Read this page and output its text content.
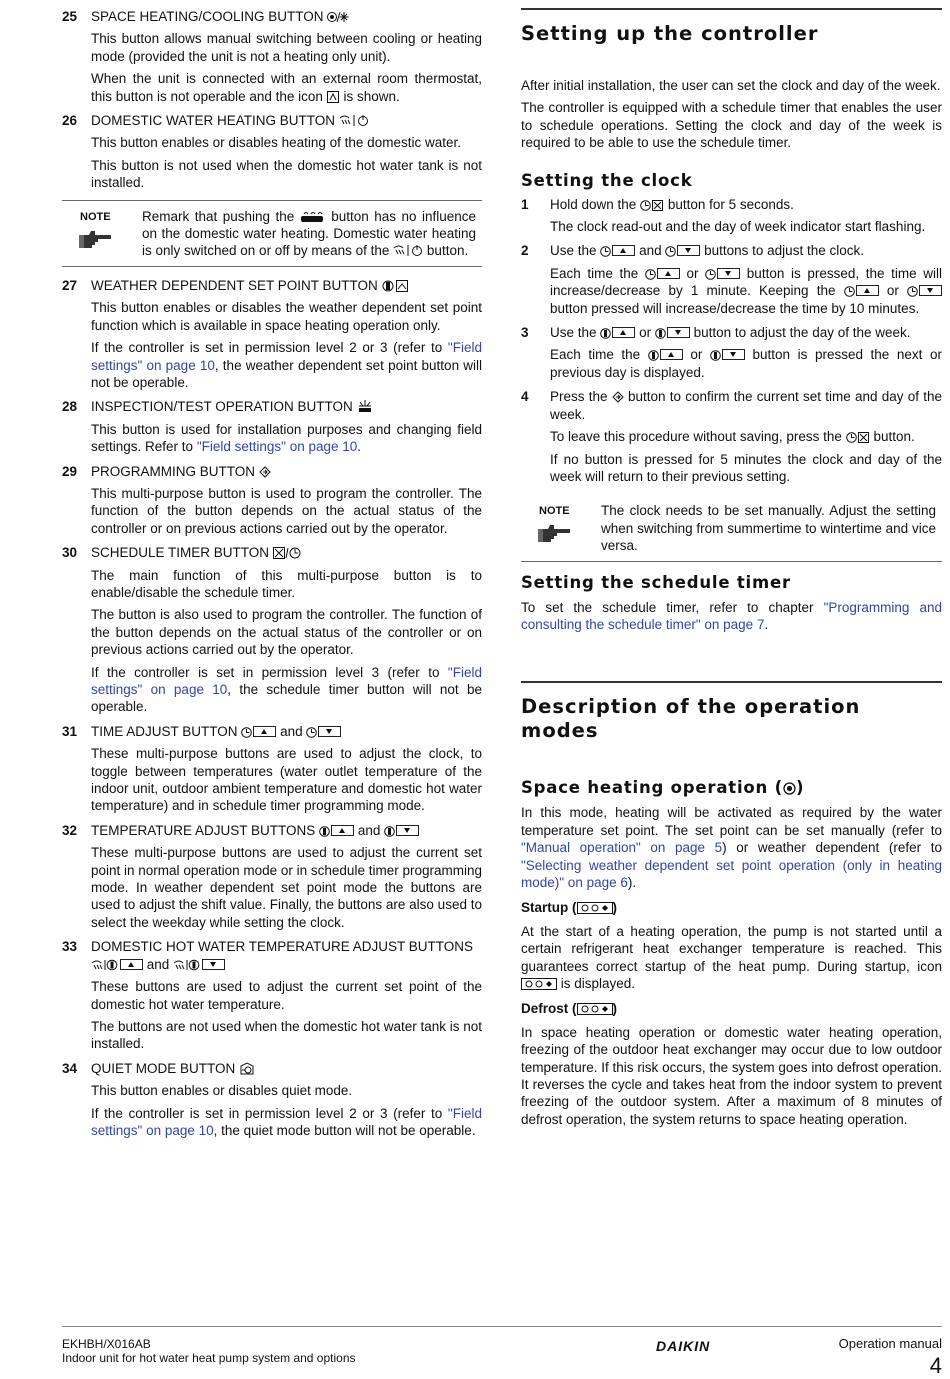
25 SPACE HEATING/COOLING BUTTON

This button allows manual switching between cooling or heating mode (provided the unit is not a heating only unit).

When the unit is connected with an external room thermostat, this button is not operable and the icon is shown.

26 DOMESTIC WATER HEATING BUTTON

This button enables or disables heating of the domestic water.

This button is not used when the domestic hot water tank is not installed.

NOTE Remark that pushing the	button has no influence on the domestic water heating. Domestic water heating is only switched on or off by means of the	button.

27 WEATHER DEPENDENT SET POINT BUTTON

This button enables or disables the weather dependent set point function which is available in space heating operation only.

If the controller is set in permission level 2 or 3 (refer to "Field settings" on page 10, the weather dependent set point button will not be operable.

28 INSPECTION/TEST OPERATION BUTTON

This button is used for installation purposes and changing field settings. Refer to "Field settings" on page 10.

29 PROGRAMMING BUTTON

This multi-purpose button is used to program the controller. The function of the button depends on the actual status of the controller or on previous actions carried out by the operator.

30 SCHEDULE TIMER BUTTON

The main function of this multi-purpose button is to enable/disable the schedule timer.

The button is also used to program the controller. The function of the button depends on the actual status of the controller or on previous actions carried out by the operator.

If the controller is set in permission level 3 (refer to "Field settings" on page 10, the schedule timer button will not be operable.

31 TIME ADJUST BUTTON	and

These multi-purpose buttons are used to adjust the clock, to toggle between temperatures (water outlet temperature of the indoor unit, outdoor ambient temperature and domestic hot water temperature) and in schedule timer programming mode.

32 TEMPERATURE ADJUST BUTTONS	and

These multi-purpose buttons are used to adjust the current set point in normal operation mode or in schedule timer programming mode. In weather dependent set point mode the buttons are used to adjust the shift value. Finally, the buttons are also used to select the weekday while setting the clock.

33 DOMESTIC HOT WATER TEMPERATURE ADJUST BUTTONS
and

These buttons are used to adjust the current set point of the domestic hot water temperature.

The buttons are not used when the domestic hot water tank is not installed.

34 QUIET MODE BUTTON

This button enables or disables quiet mode.

If the controller is set in permission level 2 or 3 (refer to "Field settings" on page 10, the quiet mode button will not be operable.

Setting up the controller

After initial installation, the user can set the clock and day of the week.

The controller is equipped with a schedule timer that enables the user to schedule operations. Setting the clock and day of the week is required to be able to use the schedule timer.

Setting the clock
1 Hold down the button for 5 seconds.

The clock read-out and the day of week indicator start flashing.

2 Use the	and	buttons to adjust the clock.

Each time the	or	button is pressed, the time will increase/decrease by 1 minute. Keeping the	or  button pressed will increase/decrease the time by 10 minutes.

3 Use the	or	button to adjust the day of the week.

Each time the	or	button is pressed the next or previous day is displayed.

4 Press the button to confirm the current set time and day of the week.

To leave this procedure without saving, press the button.

If no button is pressed for 5 minutes the clock and day of the week will return to their previous setting.

NOTE The clock needs to be set manually. Adjust the setting when switching from summertime to wintertime and vice versa.

Setting the schedule timer

To set the schedule timer, refer to chapter "Programming and consulting the schedule timer" on page 7.

Description of the operation modes
Space heating operation ( )

In this mode, heating will be activated as required by the water temperature set point. The set point can be set manually (refer to "Manual operation" on page 5) or weather dependent (refer to "Selecting weather dependent set point operation (only in heating mode)" on page 6).

Startup (	)

At the start of a heating operation, the pump is not started until a certain refrigerant heat exchanger temperature is reached. This guarantees correct startup of the heat pump. During startup, icon  is displayed.

Defrost (	)

In space heating operation or domestic water heating operation, freezing of the outdoor heat exchanger may occur due to low outdoor temperature. If this risk occurs, the system goes into defrost operation. It reverses the cycle and takes heat from the indoor system to prevent freezing of the outdoor system. After a maximum of 8 minutes of defrost operation, the system returns to space heating operation.

EKHBH/X016AB
Indoor unit for hot water heat pump system and options
DAIKIN	Operation manual
4
